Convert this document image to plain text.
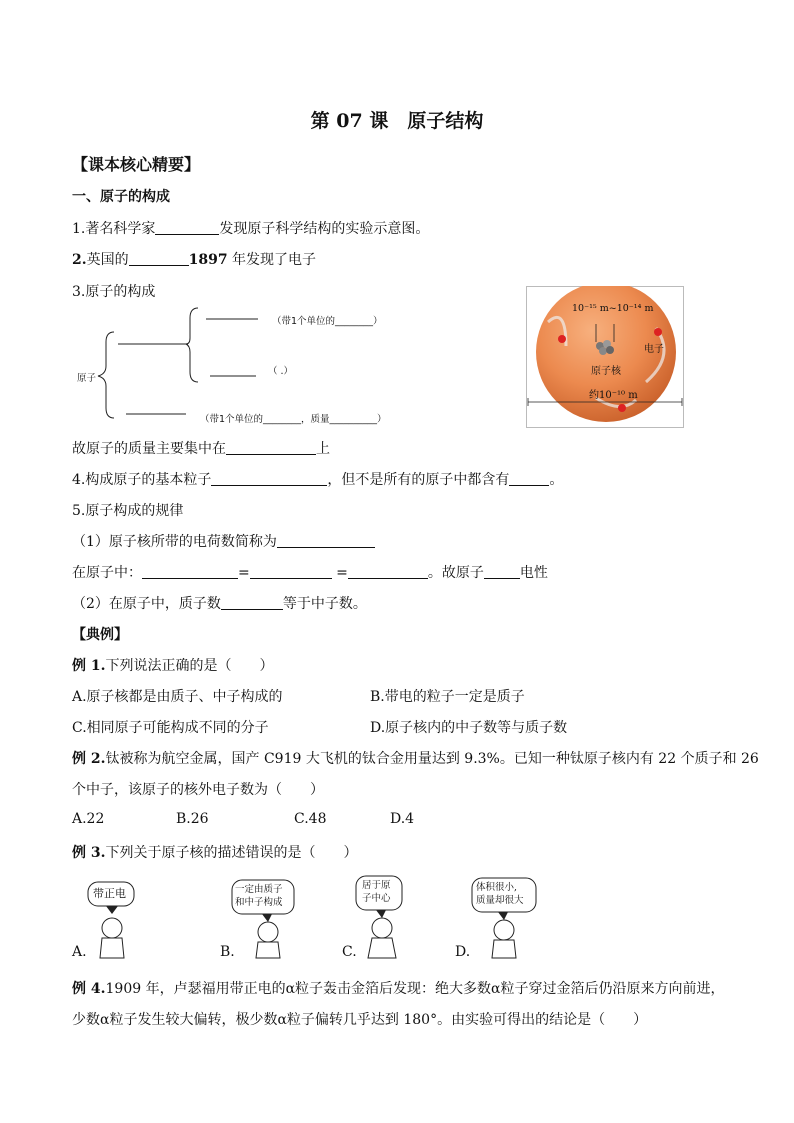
第 07 课　原子结构
【课本核心精要】
一、原子的构成
1.著名科学家	发现原子科学结构的实验示意图。
2.英国的	1897 年发现了电子
3.原子的构成
原子
（带1个单位的________）
（ .）
（带1个单位的________，质量__________）
10⁻¹⁵ m~10⁻¹⁴ m
电子
原子核
约10⁻¹⁰ m
故原子的质量主要集中在	上
4.构成原子的基本粒子	，但不是所有的原子中都含有	。
5.原子构成的规律
（1）原子核所带的电荷数简称为
在原子中：	=	=	。故原子	电性
（2）在原子中，质子数	等于中子数。
【典例】
例 1.下列说法正确的是（　　）
A.原子核都是由质子、中子构成的	B.带电的粒子一定是质子
C.相同原子可能构成不同的分子	D.原子核内的中子数等与质子数
例 2.钛被称为航空金属，国产 C919 大飞机的钛合金用量达到 9.3%。已知一种钛原子核内有 22 个质子和 26
个中子，该原子的核外电子数为（　　）
A.22	B.26	C.48	D.4
例 3.下列关于原子核的描述错误的是（　　）
带正电	一定由质子
和中子构成
居于原
子中心
体积很小,
质量却很大
A.	B.	C.	D.
例 4.1909 年，卢瑟福用带正电的α粒子轰击金箔后发现：绝大多数α粒子穿过金箔后仍沿原来方向前进，
少数α粒子发生较大偏转，极少数α粒子偏转几乎达到 180°。由实验可得出的结论是（　　）
